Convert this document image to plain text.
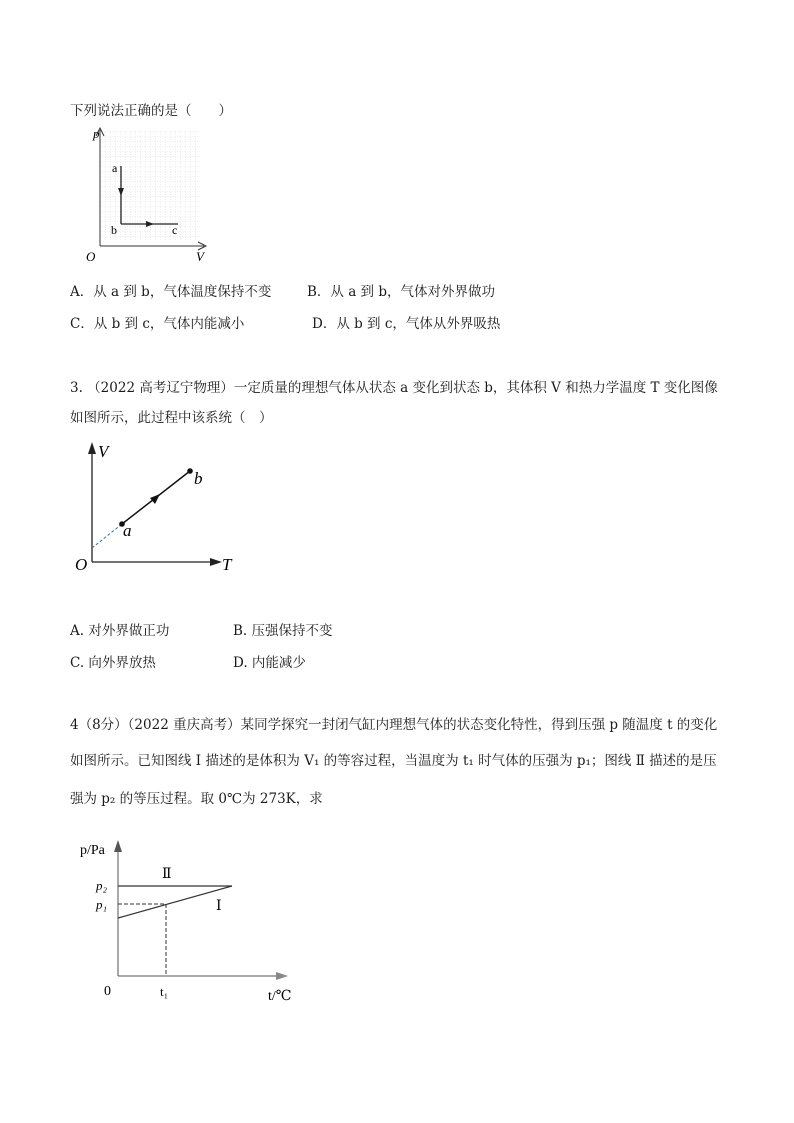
下列说法正确的是（　　）
p
V
O
a
b	c
A．从 a 到 b，气体温度保持不变	B．从 a 到 b，气体对外界做功
C．从 b 到 c，气体内能减小	D．从 b 到 c，气体从外界吸热
3. （2022 高考辽宁物理）一定质量的理想气体从状态 a 变化到状态 b，其体积 V 和热力学温度 T 变化图像
如图所示，此过程中该系统（　）
V
T
O
a
b
A. 对外界做正功	B. 压强保持不变
C. 向外界放热	D. 内能减少
4（8分）（2022 重庆高考）某同学探究一封闭气缸内理想气体的状态变化特性，得到压强 p 随温度 t 的变化
如图所示。已知图线 Ⅰ 描述的是体积为 V₁ 的等容过程，当温度为 t₁ 时气体的压强为 p₁；图线 Ⅱ 描述的是压
强为 p₂ 的等压过程。取 0℃为 273K，求
p/Pa
t/℃
0	t₁
p₂
p₁
Ⅱ
Ⅰ
